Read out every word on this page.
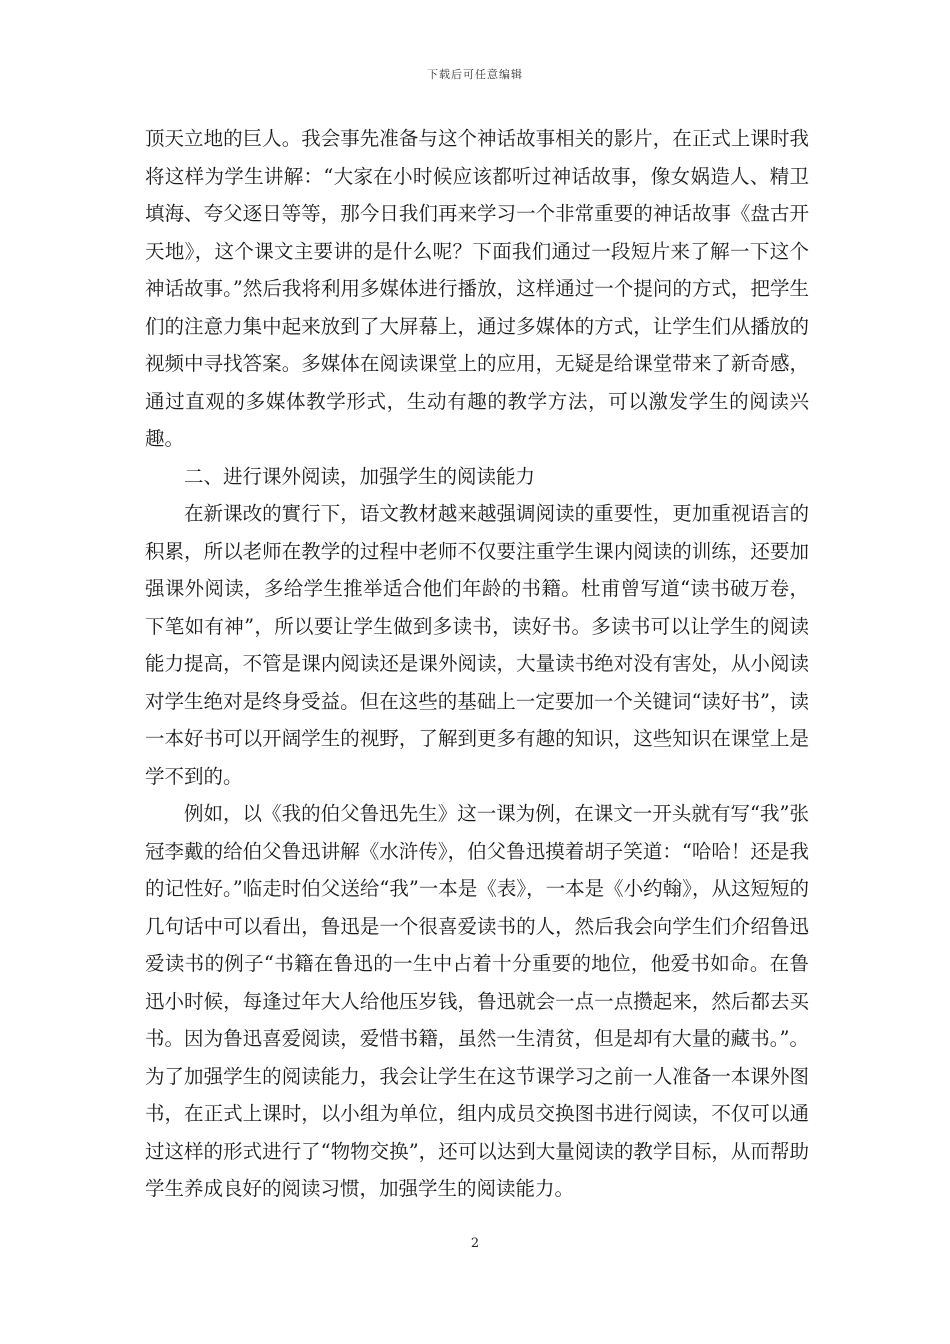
下载后可任意编辑

顶天立地的巨人。我会事先准备与这个神话故事相关的影片，在正式上课时我将这样为学生讲解：“大家在小时候应该都听过神话故事，像女娲造人、精卫填海、夸父逐日等等，那今日我们再来学习一个非常重要的神话故事《盘古开天地》，这个课文主要讲的是什么呢？下面我们通过一段短片来了解一下这个神话故事。”然后我将利用多媒体进行播放，这样通过一个提问的方式，把学生们的注意力集中起来放到了大屏幕上，通过多媒体的方式，让学生们从播放的视频中寻找答案。多媒体在阅读课堂上的应用，无疑是给课堂带来了新奇感，通过直观的多媒体教学形式，生动有趣的教学方法，可以激发学生的阅读兴趣。

二、进行课外阅读，加强学生的阅读能力

在新课改的實行下，语文教材越来越强调阅读的重要性，更加重视语言的积累，所以老师在教学的过程中老师不仅要注重学生课内阅读的训练，还要加强课外阅读，多给学生推举适合他们年龄的书籍。杜甫曾写道“读书破万卷，下笔如有神”，所以要让学生做到多读书，读好书。多读书可以让学生的阅读能力提高，不管是课内阅读还是课外阅读，大量读书绝对没有害处，从小阅读对学生绝对是终身受益。但在这些的基础上一定要加一个关键词“读好书”，读一本好书可以开阔学生的视野，了解到更多有趣的知识，这些知识在课堂上是学不到的。

例如，以《我的伯父鲁迅先生》这一课为例，在课文一开头就有写“我”张冠李戴的给伯父鲁迅讲解《水浒传》，伯父鲁迅摸着胡子笑道：“哈哈！还是我的记性好。”临走时伯父送给“我”一本是《表》，一本是《小约翰》，从这短短的几句话中可以看出，鲁迅是一个很喜爱读书的人，然后我会向学生们介绍鲁迅爱读书的例子“书籍在鲁迅的一生中占着十分重要的地位，他爱书如命。在鲁迅小时候，每逢过年大人给他压岁钱，鲁迅就会一点一点攒起来，然后都去买书。因为鲁迅喜爱阅读，爱惜书籍，虽然一生清贫，但是却有大量的藏书。”。为了加强学生的阅读能力，我会让学生在这节课学习之前一人准备一本课外图书，在正式上课时，以小组为单位，组内成员交换图书进行阅读，不仅可以通过这样的形式进行了“物物交换”，还可以达到大量阅读的教学目标，从而帮助学生养成良好的阅读习惯，加强学生的阅读能力。

2
